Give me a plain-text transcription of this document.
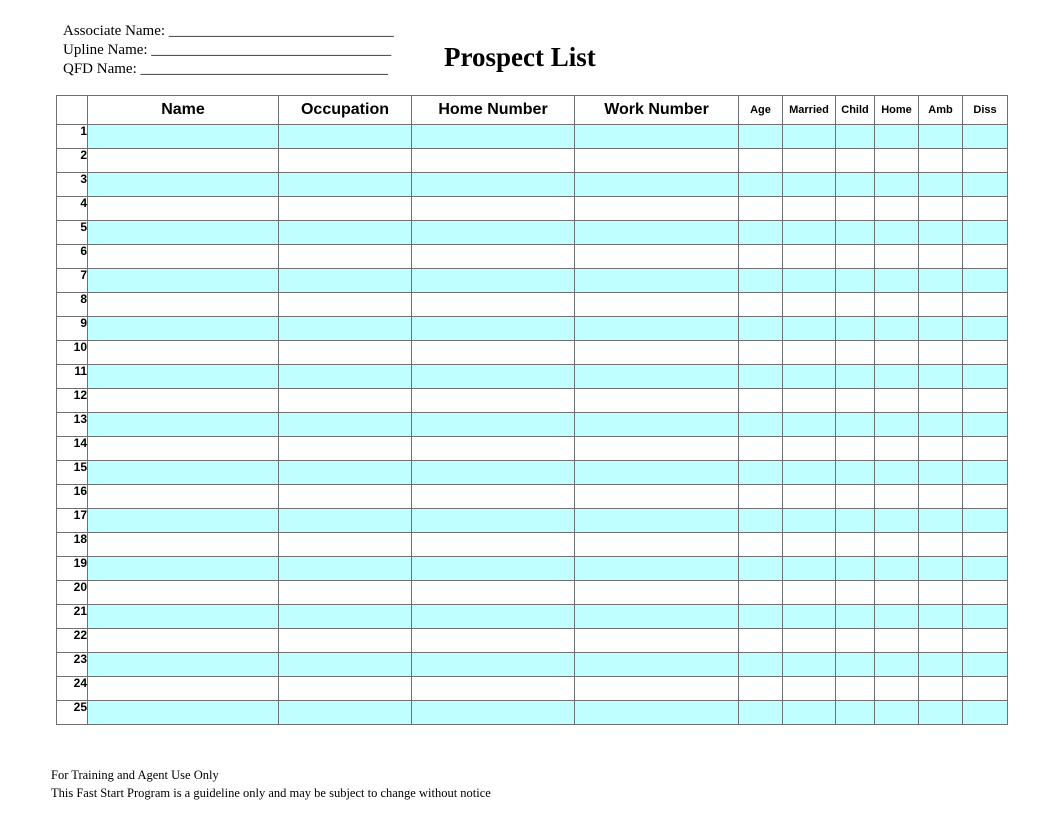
Associate Name: ______________________________
Upline Name: ________________________________
QFD Name: _________________________________ Prospect List
	Name	Occupation	Home Number	Work Number	Age	Married	Child	Home	Amb	Diss
1										
2										
3										
4										
5										
6										
7										
8										
9										
10										
11										
12										
13										
14										
15										
16										
17										
18										
19										
20										
21										
22										
23										
24										
25										
For Training and Agent Use Only
This Fast Start Program is a guideline only and may be subject to change without notice
